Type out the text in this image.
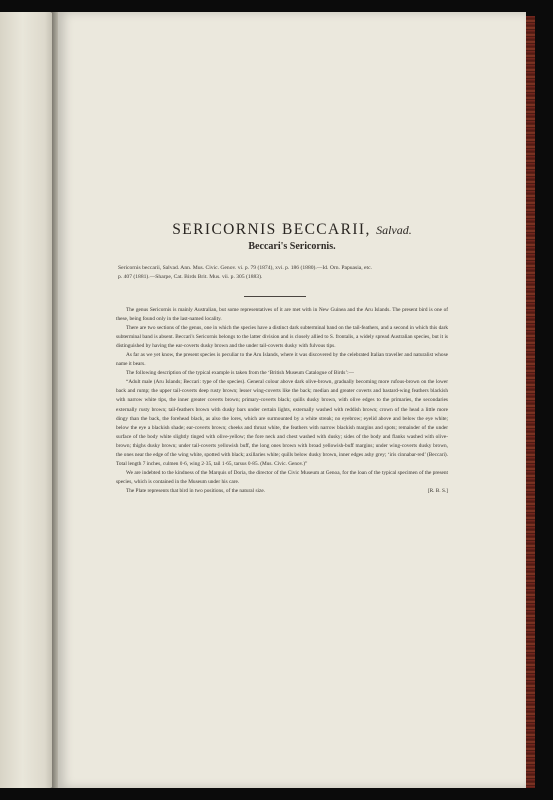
SERICORNIS BECCARII, Salvad.
Beccari's Sericornis.
Sericornis beccarii, Salvad. Ann. Mus. Civic. Genov. vi. p. 79 (1874), xvi. p. 186 (1880).—Id. Orn. Papuasia, etc.
p. 407 (1881).—Sharpe, Cat. Birds Brit. Mus. vii. p. 305 (1883).

The genus Sericornis is mainly Australian, but some representatives of it are met with in New Guinea and the Aru Islands. The present bird is one of these, being found only in the last-named locality.

There are two sections of the genus, one in which the species have a distinct dark subterminal band on the tail-feathers, and a second in which this dark subterminal band is absent. Beccari's Sericornis belongs to the latter division and is closely allied to S. frontalis, a widely spread Australian species, but it is distinguished by having the ear-coverts dusky brown and the under tail-coverts dusky with fulvous tips.

As far as we yet know, the present species is peculiar to the Aru Islands, where it was discovered by the celebrated Italian traveller and naturalist whose name it bears.

The following description of the typical example is taken from the ‘British Museum Catalogue of Birds’:—

“Adult male (Aru Islands; Beccari: type of the species). General colour above dark olive-brown, gradually becoming more rufous-brown on the lower back and rump; the upper tail-coverts deep rusty brown; lesser wing-coverts like the back; median and greater coverts and bastard-wing feathers blackish with narrow white tips, the inner greater coverts brown; primary-coverts black; quills dusky brown, with olive edges to the primaries, the secondaries externally rusty brown; tail-feathers brown with dusky bars under certain lights, externally washed with reddish brown; crown of the head a little more dingy than the back, the forehead black, as also the lores, which are surmounted by a white streak; no eyebrow; eyelid above and below the eye white; below the eye a blackish shade; ear-coverts brown; cheeks and throat white, the feathers with narrow blackish margins and spots; remainder of the under surface of the body white slightly tinged with olive-yellow; the fore neck and chest washed with dusky; sides of the body and flanks washed with olive-brown; thighs dusky brown; under tail-coverts yellowish buff, the long ones brown with broad yellowish-buff margins; under wing-coverts dusky brown, the ones near the edge of the wing white, spotted with black; axillaries white; quills below dusky brown, inner edges ashy grey; ‘iris cinnabar-red’ (Beccari). Total length 7 inches, culmen 0·6, wing 2·35, tail 1·65, tarsus 0·85. (Mus. Civic. Genov.)”

We are indebted to the kindness of the Marquis of Doria, the director of the Civic Museum at Genoa, for the loan of the typical specimen of the present species, which is contained in the Museum under his care.

The Plate represents that bird in two positions, of the natural size.	[R. B. S.]
